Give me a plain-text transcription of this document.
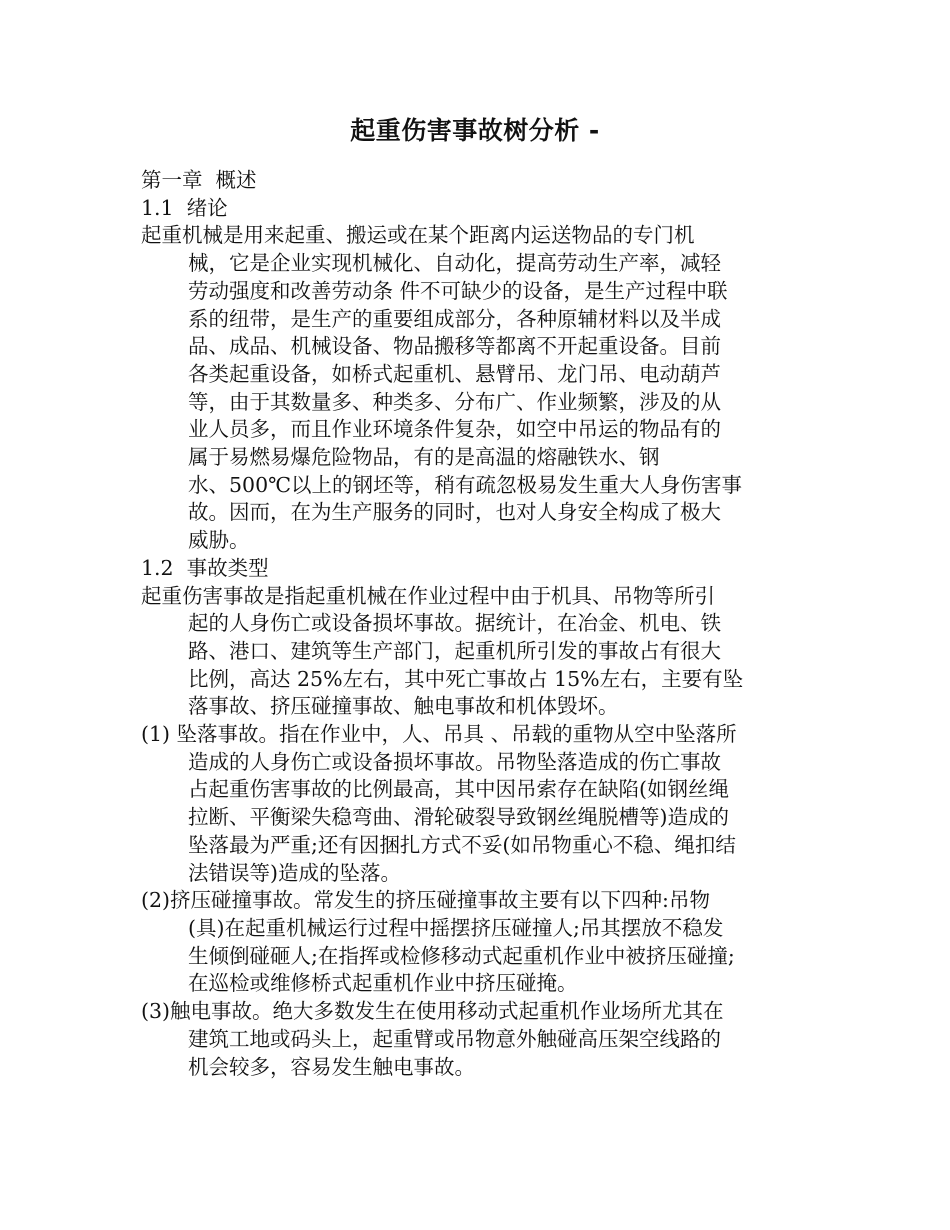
起重伤害事故树分析 -
第一章  概述
1.1  绪论
起重机械是用来起重、搬运或在某个距离内运送物品的专门机
械，它是企业实现机械化、自动化，提高劳动生产率，减轻
劳动强度和改善劳动条 件不可缺少的设备，是生产过程中联
系的纽带，是生产的重要组成部分，各种原辅材料以及半成
品、成品、机械设备、物品搬移等都离不开起重设备。目前
各类起重设备，如桥式起重机、悬臂吊、龙门吊、电动葫芦
等，由于其数量多、种类多、分布广、作业频繁，涉及的从
业人员多，而且作业环境条件复杂，如空中吊运的物品有的
属于易燃易爆危险物品，有的是高温的熔融铁水、钢
水、500℃以上的钢坯等，稍有疏忽极易发生重大人身伤害事
故。因而，在为生产服务的同时，也对人身安全构成了极大
威胁。
1.2  事故类型
起重伤害事故是指起重机械在作业过程中由于机具、吊物等所引
起的人身伤亡或设备损坏事故。据统计，在冶金、机电、铁
路、港口、建筑等生产部门，起重机所引发的事故占有很大
比例，高达 25%左右，其中死亡事故占 15%左右，主要有坠
落事故、挤压碰撞事故、触电事故和机体毁坏。
(1) 坠落事故。指在作业中，人、吊具 、吊载的重物从空中坠落所
造成的人身伤亡或设备损坏事故。吊物坠落造成的伤亡事故
占起重伤害事故的比例最高，其中因吊索存在缺陷(如钢丝绳
拉断、平衡梁失稳弯曲、滑轮破裂导致钢丝绳脱槽等)造成的
坠落最为严重;还有因捆扎方式不妥(如吊物重心不稳、绳扣结
法错误等)造成的坠落。
(2)挤压碰撞事故。常发生的挤压碰撞事故主要有以下四种:吊物
(具)在起重机械运行过程中摇摆挤压碰撞人;吊其摆放不稳发
生倾倒碰砸人;在指挥或检修移动式起重机作业中被挤压碰撞;
在巡检或维修桥式起重机作业中挤压碰掩。
(3)触电事故。绝大多数发生在使用移动式起重机作业场所尤其在
建筑工地或码头上，起重臂或吊物意外触碰高压架空线路的
机会较多，容易发生触电事故。
